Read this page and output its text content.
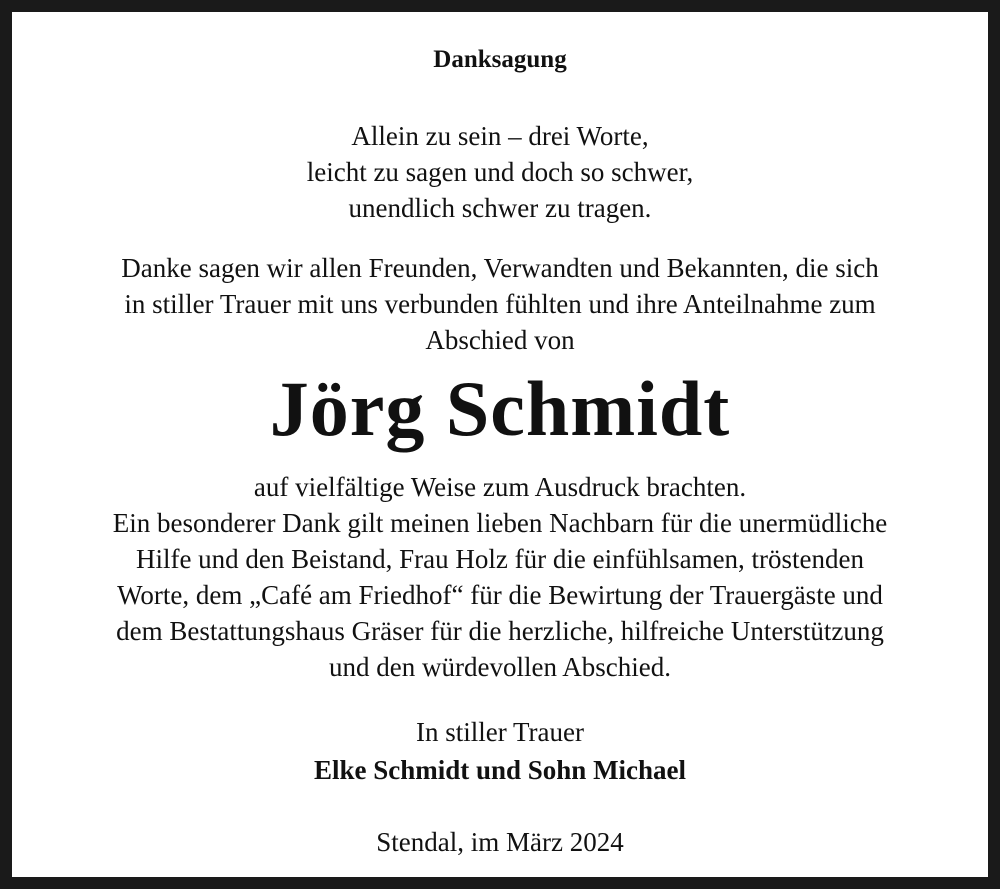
Danksagung
Allein zu sein – drei Worte,
leicht zu sagen und doch so schwer,
unendlich schwer zu tragen.
Danke sagen wir allen Freunden, Verwandten und Bekannten, die sich
in stiller Trauer mit uns verbunden fühlten und ihre Anteilnahme zum
Abschied von
Jörg Schmidt
auf vielfältige Weise zum Ausdruck brachten.
Ein besonderer Dank gilt meinen lieben Nachbarn für die unermüdliche
Hilfe und den Beistand, Frau Holz für die einfühlsamen, tröstenden
Worte, dem „Café am Friedhof“ für die Bewirtung der Trauergäste und
dem Bestattungshaus Gräser für die herzliche, hilfreiche Unterstützung
und den würdevollen Abschied.
In stiller Trauer
Elke Schmidt und Sohn Michael
Stendal, im März 2024
